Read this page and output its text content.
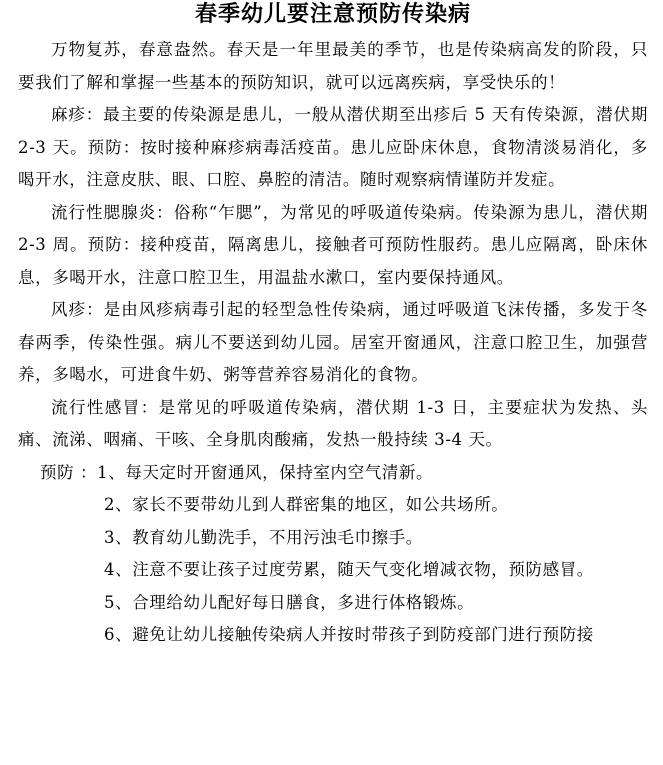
春季幼儿要注意预防传染病

万物复苏，春意盎然。春天是一年里最美的季节，也是传染病高发的阶段，只要我们了解和掌握一些基本的预防知识，就可以远离疾病，享受快乐的！

麻疹：最主要的传染源是患儿，一般从潜伏期至出疹后 5 天有传染源，潜伏期 2-3 天。预防：按时接种麻疹病毒活疫苗。患儿应卧床休息，食物清淡易消化，多喝开水，注意皮肤、眼、口腔、鼻腔的清洁。随时观察病情谨防并发症。

流行性腮腺炎：俗称“乍腮”，为常见的呼吸道传染病。传染源为患儿，潜伏期 2-3 周。预防：接种疫苗，隔离患儿，接触者可预防性服药。患儿应隔离，卧床休息，多喝开水，注意口腔卫生，用温盐水漱口，室内要保持通风。

风疹：是由风疹病毒引起的轻型急性传染病，通过呼吸道飞沫传播，多发于冬春两季，传染性强。病儿不要送到幼儿园。居室开窗通风，注意口腔卫生，加强营养，多喝水，可进食牛奶、粥等营养容易消化的食物。

流行性感冒：是常见的呼吸道传染病，潜伏期 1-3 日，主要症状为发热、头痛、流涕、咽痛、干咳、全身肌肉酸痛，发热一般持续 3-4 天。

预防 ：1、每天定时开窗通风，保持室内空气清新。

2、家长不要带幼儿到人群密集的地区，如公共场所。

3、教育幼儿勤洗手，不用污浊毛巾擦手。

4、注意不要让孩子过度劳累，随天气变化增减衣物，预防感冒。

5、合理给幼儿配好每日膳食，多进行体格锻炼。

6、避免让幼儿接触传染病人并按时带孩子到防疫部门进行预防接
